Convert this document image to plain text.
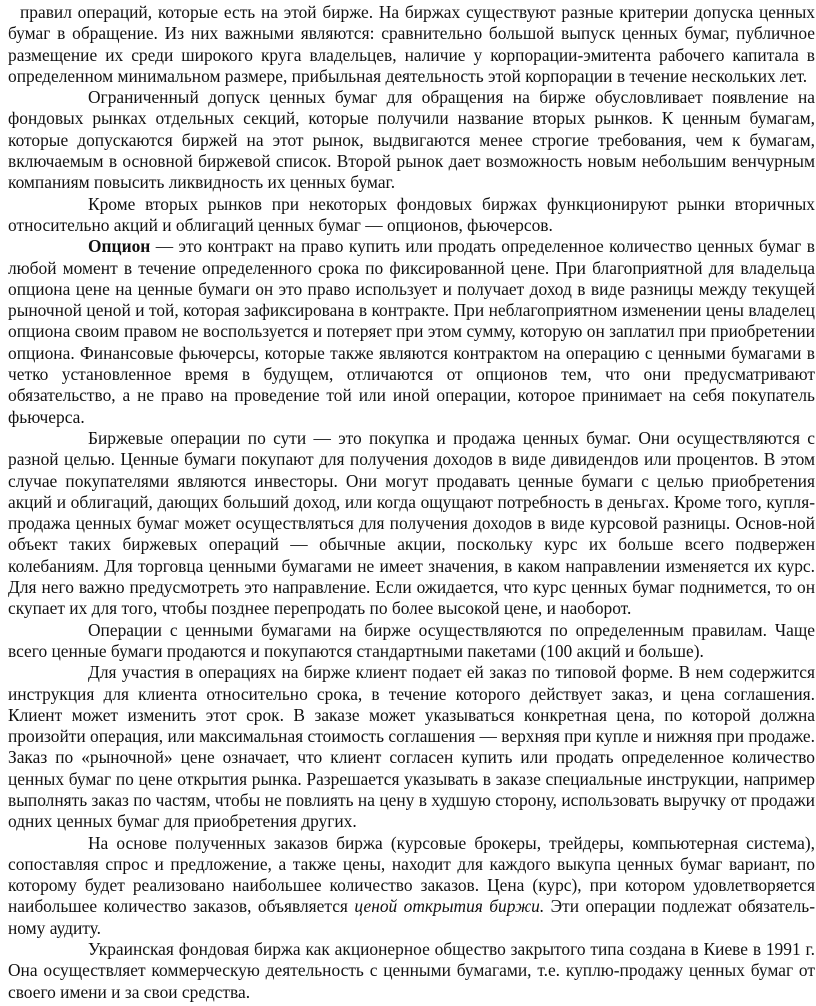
правил операций, которые есть на этой бирже. На биржах существуют разные критерии допуска ценных бумаг в обращение. Из них важными являются: сравнительно большой выпуск ценных бумаг, публичное размещение их среди широкого круга владельцев, наличие у корпорации-эмитента рабочего капитала в определенном минимальном размере, прибыльная деятельность этой корпорации в течение нескольких лет.

Ограниченный допуск ценных бумаг для обращения на бирже обусловливает появление на фондовых рынках отдельных секций, которые получили название вторых рынков. К ценным бумагам, которые допускаются биржей на этот рынок, выдвигаются менее строгие требования, чем к бумагам, включаемым в основной биржевой список. Второй рынок дает возможность новым небольшим венчурным компаниям повысить ликвидность их ценных бумаг.

Кроме вторых рынков при некоторых фондовых биржах функционируют рынки вторичных относительно акций и облигаций ценных бумаг — опционов, фьючерсов.

Опцион — это контракт на право купить или продать определенное количество ценных бумаг в любой момент в течение определенного срока по фиксированной цене. При благоприятной для владельца опциона цене на ценные бумаги он это право использует и получает доход в виде разницы между текущей рыночной ценой и той, которая зафиксирована в контракте. При неблагоприятном изменении цены владелец опциона своим правом не воспользуется и потеряет при этом сумму, которую он заплатил при приобретении опциона. Финансовые фьючерсы, которые также являются контрактом на операцию с ценными бумагами в четко установленное время в будущем, отличаются от опционов тем, что они предусматривают обязательство, а не право на проведение той или иной операции, которое принимает на себя покупатель фьючерса.

Биржевые операции по сути — это покупка и продажа ценных бумаг. Они осуществляются с разной целью. Ценные бумаги покупают для получения доходов в виде дивидендов или процентов. В этом случае покупателями являются инвесторы. Они могут продавать ценные бумаги с целью приобретения акций и облигаций, дающих больший доход, или когда ощущают потребность в деньгах. Кроме того, купля-продажа ценных бумаг может осуществляться для получения доходов в виде курсовой разницы. Основ-ной объект таких биржевых операций — обычные акции, поскольку курс их больше всего подвержен колебаниям. Для торговца ценными бумагами не имеет значения, в каком направлении изменяется их курс. Для него важно предусмотреть это направление. Если ожидается, что курс ценных бумаг поднимется, то он скупает их для того, чтобы позднее перепродать по более высокой цене, и наоборот.

Операции с ценными бумагами на бирже осуществляются по определенным правилам. Чаще всего ценные бумаги продаются и покупаются стандартными пакетами (100 акций и больше).

Для участия в операциях на бирже клиент подает ей заказ по типовой форме. В нем содержится инструкция для клиента относительно срока, в течение которого действует заказ, и цена соглашения. Клиент может изменить этот срок. В заказе может указываться конкретная цена, по которой должна произойти операция, или максимальная стоимость соглашения — верхняя при купле и нижняя при продаже. Заказ по «рыночной» цене означает, что клиент согласен купить или продать определенное количество ценных бумаг по цене открытия рынка. Разрешается указывать в заказе специальные инструкции, например выполнять заказ по частям, чтобы не повлиять на цену в худшую сторону, использовать выручку от продажи одних ценных бумаг для приобретения других.

На основе полученных заказов биржа (курсовые брокеры, трейдеры, компьютерная система), сопоставляя спрос и предложение, а также цены, находит для каждого выкупа ценных бумаг вариант, по которому будет реализовано наибольшее количество заказов. Цена (курс), при котором удовлетворяется наибольшее количество заказов, объявляется ценой открытия биржи. Эти операции подлежат обязатель-ному аудиту.

Украинская фондовая биржа как акционерное общество закрытого типа создана в Киеве в 1991 г. Она осуществляет коммерческую деятельность с ценными бумагами, т.е. куплю-продажу ценных бумаг от своего имени и за свои средства.
